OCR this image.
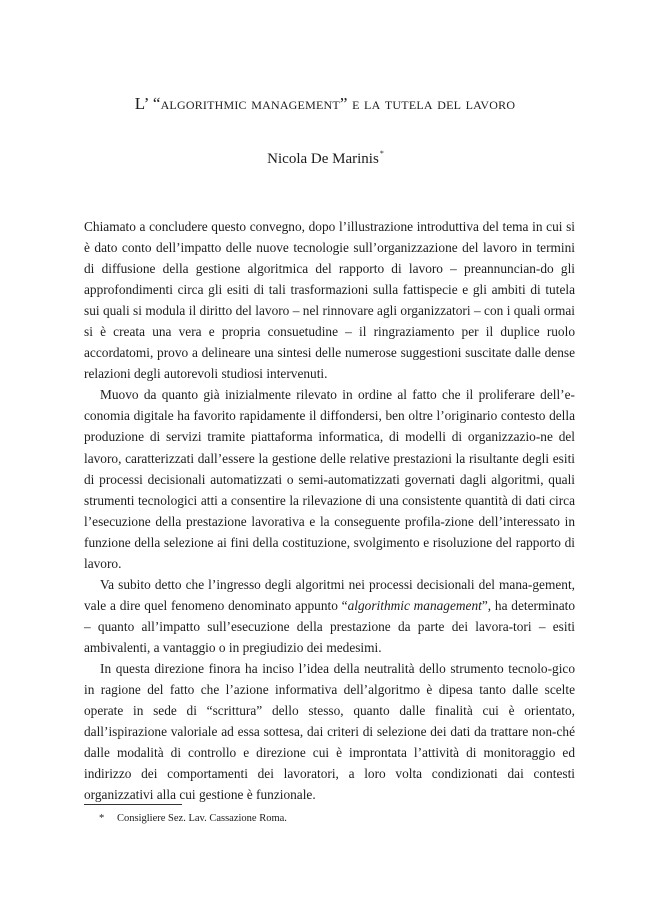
L’ “algorithmic management” e la tutela del lavoro
Nicola De Marinis*

Chiamato a concludere questo convegno, dopo l’illustrazione introduttiva del tema in cui si è dato conto dell’impatto delle nuove tecnologie sull’organizzazione del lavoro in termini di diffusione della gestione algoritmica del rapporto di lavoro – preannuncian-do gli approfondimenti circa gli esiti di tali trasformazioni sulla fattispecie e gli ambiti di tutela sui quali si modula il diritto del lavoro – nel rinnovare agli organizzatori – con i quali ormai si è creata una vera e propria consuetudine – il ringraziamento per il duplice ruolo accordatomi, provo a delineare una sintesi delle numerose suggestioni suscitate dalle dense relazioni degli autorevoli studiosi intervenuti.

Muovo da quanto già inizialmente rilevato in ordine al fatto che il proliferare dell’e-conomia digitale ha favorito rapidamente il diffondersi, ben oltre l’originario contesto della produzione di servizi tramite piattaforma informatica, di modelli di organizzazio-ne del lavoro, caratterizzati dall’essere la gestione delle relative prestazioni la risultante degli esiti di processi decisionali automatizzati o semi-automatizzati governati dagli algoritmi, quali strumenti tecnologici atti a consentire la rilevazione di una consistente quantità di dati circa l’esecuzione della prestazione lavorativa e la conseguente profila-zione dell’interessato in funzione della selezione ai fini della costituzione, svolgimento e risoluzione del rapporto di lavoro.

Va subito detto che l’ingresso degli algoritmi nei processi decisionali del mana-gement, vale a dire quel fenomeno denominato appunto “algorithmic management”, ha determinato – quanto all’impatto sull’esecuzione della prestazione da parte dei lavora-tori – esiti ambivalenti, a vantaggio o in pregiudizio dei medesimi.

In questa direzione finora ha inciso l’idea della neutralità dello strumento tecnolo-gico in ragione del fatto che l’azione informativa dell’algoritmo è dipesa tanto dalle scelte operate in sede di “scrittura” dello stesso, quanto dalle finalità cui è orientato, dall’ispirazione valoriale ad essa sottesa, dai criteri di selezione dei dati da trattare non-ché dalle modalità di controllo e direzione cui è improntata l’attività di monitoraggio ed indirizzo dei comportamenti dei lavoratori, a loro volta condizionati dai contesti organizzativi alla cui gestione è funzionale.

* Consigliere Sez. Lav. Cassazione Roma.
